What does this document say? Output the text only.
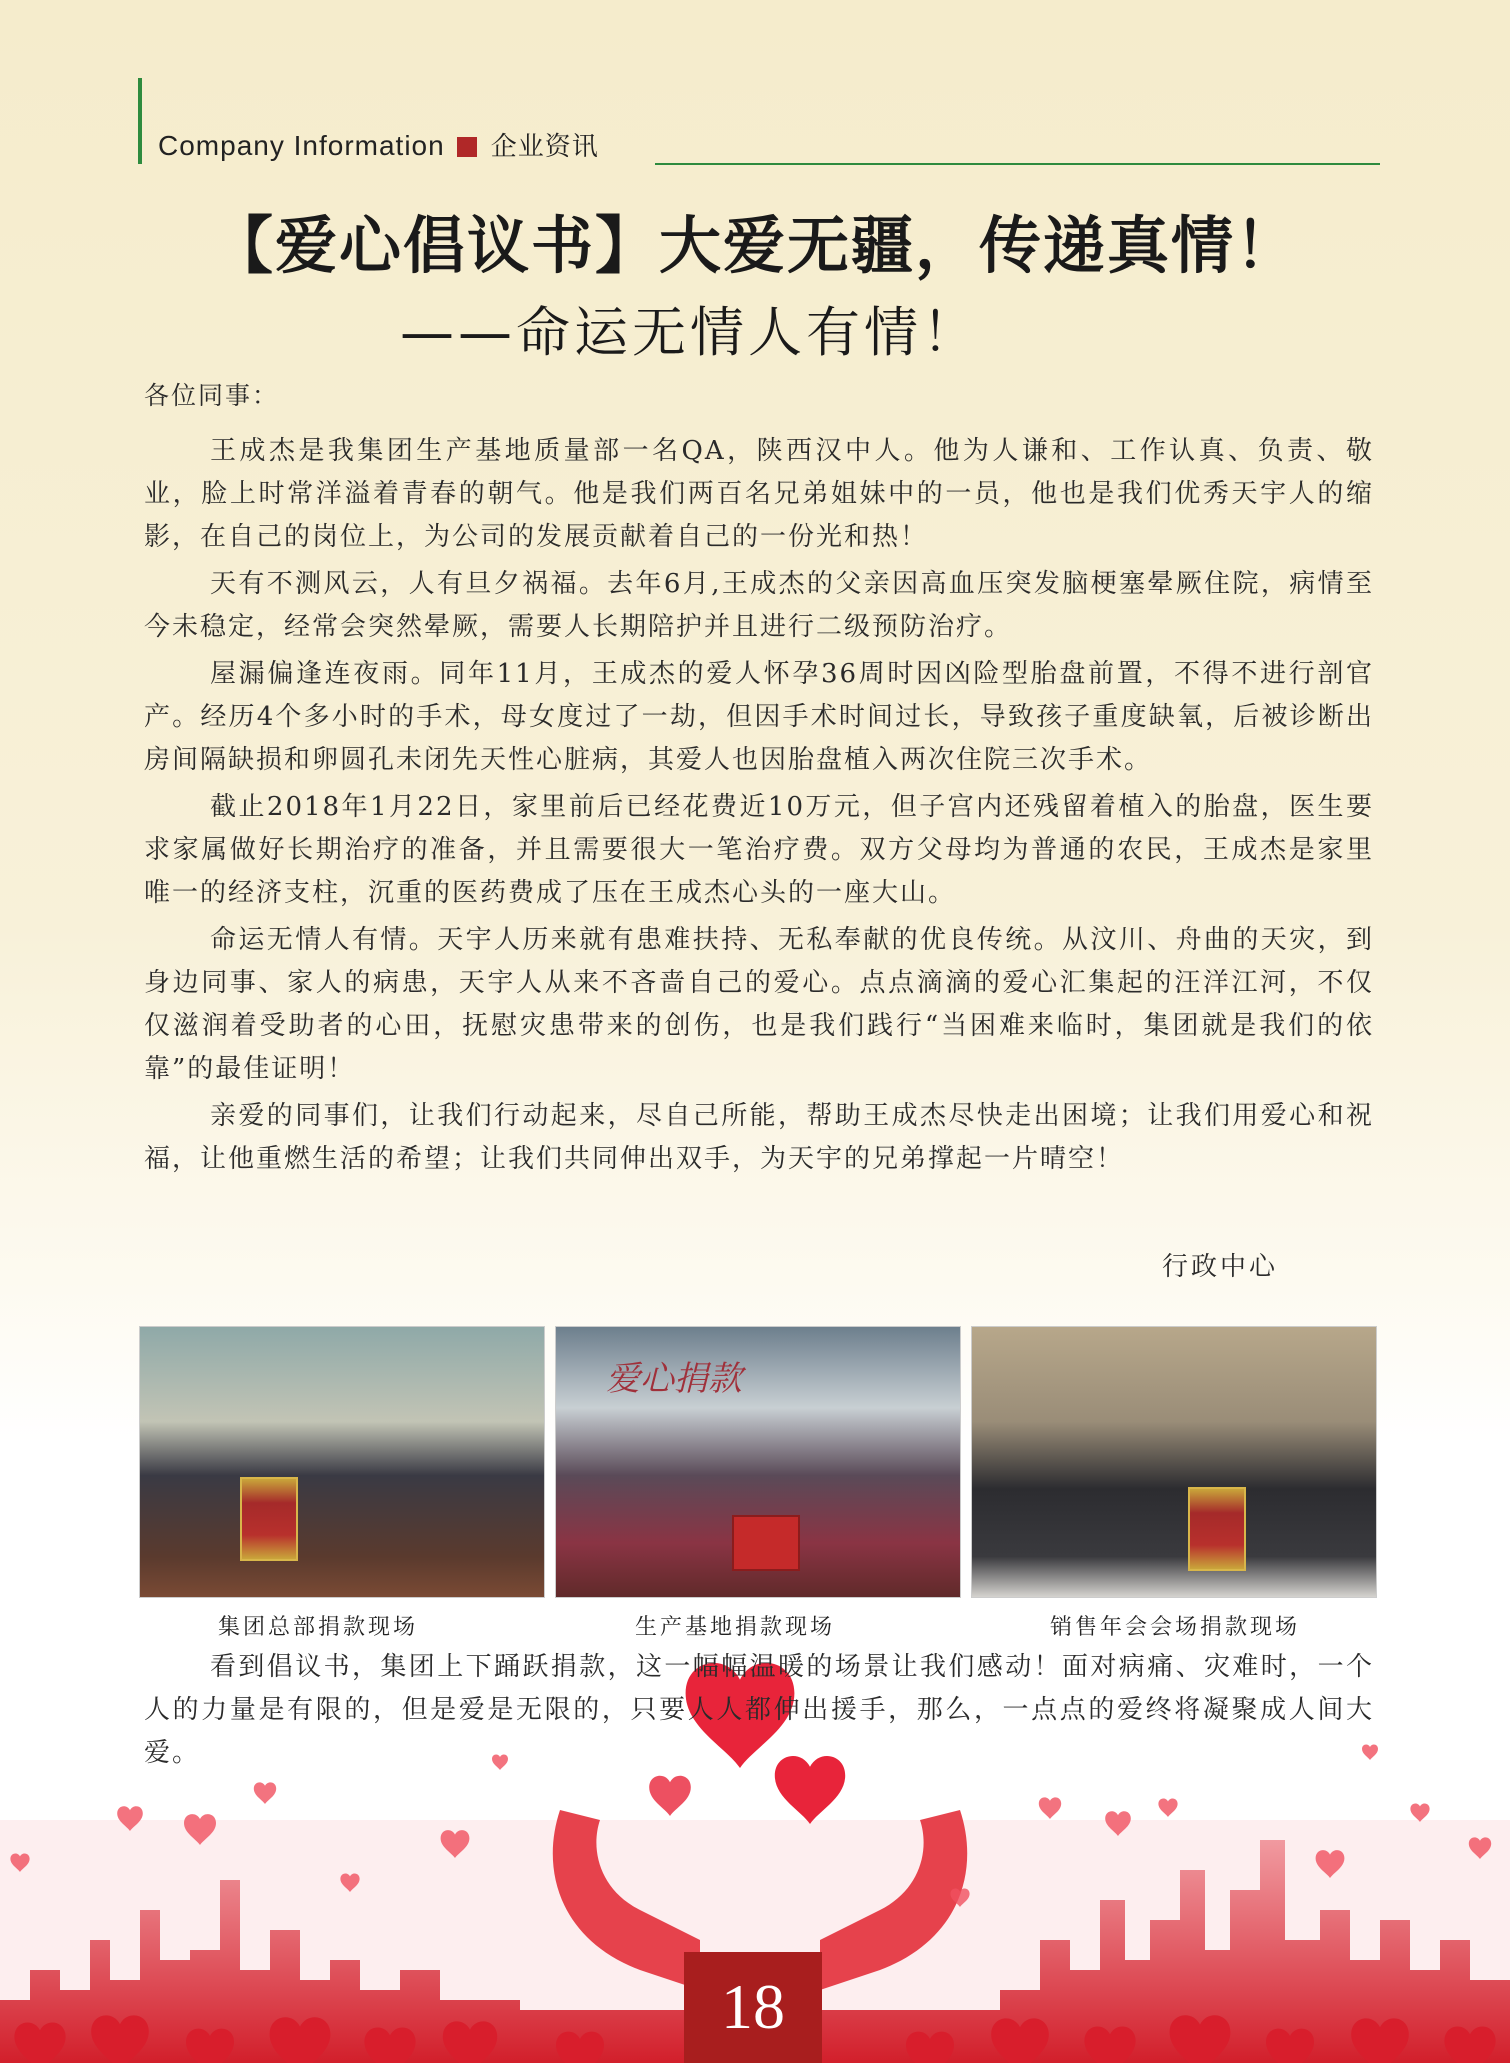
Company Information 企业资讯
【爱心倡议书】大爱无疆，传递真情！
——命运无情人有情！
各位同事：

王成杰是我集团生产基地质量部一名QA，陕西汉中人。他为人谦和、工作认真、负责、敬业，脸上时常洋溢着青春的朝气。他是我们两百名兄弟姐妹中的一员，他也是我们优秀天宇人的缩影，在自己的岗位上，为公司的发展贡献着自己的一份光和热！

天有不测风云，人有旦夕祸福。去年6月,王成杰的父亲因高血压突发脑梗塞晕厥住院，病情至今未稳定，经常会突然晕厥，需要人长期陪护并且进行二级预防治疗。

屋漏偏逢连夜雨。同年11月，王成杰的爱人怀孕36周时因凶险型胎盘前置，不得不进行剖官产。经历4个多小时的手术，母女度过了一劫，但因手术时间过长，导致孩子重度缺氧，后被诊断出房间隔缺损和卵圆孔未闭先天性心脏病，其爱人也因胎盘植入两次住院三次手术。

截止2018年1月22日，家里前后已经花费近10万元，但子宫内还残留着植入的胎盘，医生要求家属做好长期治疗的准备，并且需要很大一笔治疗费。双方父母均为普通的农民，王成杰是家里唯一的经济支柱，沉重的医药费成了压在王成杰心头的一座大山。

命运无情人有情。天宇人历来就有患难扶持、无私奉献的优良传统。从汶川、舟曲的天灾，到身边同事、家人的病患，天宇人从来不吝啬自己的爱心。点点滴滴的爱心汇集起的汪洋江河，不仅仅滋润着受助者的心田，抚慰灾患带来的创伤，也是我们践行“当困难来临时，集团就是我们的依靠”的最佳证明！

亲爱的同事们，让我们行动起来，尽自己所能，帮助王成杰尽快走出困境；让我们用爱心和祝福，让他重燃生活的希望；让我们共同伸出双手，为天宇的兄弟撑起一片晴空！

行政中心
爱心捐款
集团总部捐款现场	生产基地捐款现场	销售年会会场捐款现场

看到倡议书，集团上下踊跃捐款，这一幅幅温暖的场景让我们感动！面对病痛、灾难时，一个人的力量是有限的，但是爱是无限的，只要人人都伸出援手，那么，一点点的爱终将凝聚成人间大爱。

18
